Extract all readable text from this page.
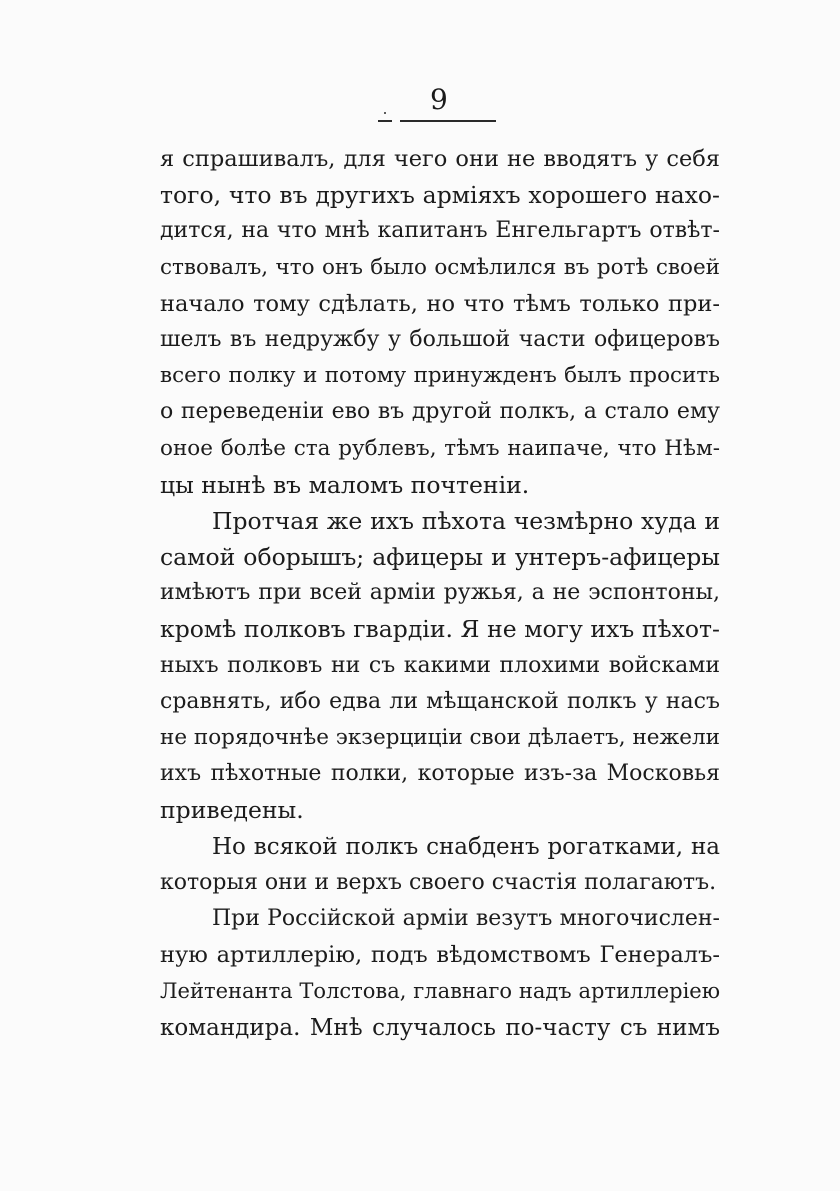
9
я спрашивалъ, для чего они не вводятъ у себя
того, что въ другихъ арміяхъ хорошего нахо-
дится, на что мнѣ капитанъ Енгельгартъ отвѣт-
ствовалъ, что онъ было осмѣлился въ ротѣ своей
начало тому сдѣлать, но что тѣмъ только при-
шелъ въ недружбу у большой части офицеровъ
всего полку и потому принужденъ былъ просить
о переведеніи ево въ другой полкъ, а стало ему
оное болѣе ста рублевъ, тѣмъ наипаче, что Нѣм-
цы нынѣ въ маломъ почтеніи.
Протчая же ихъ пѣхота чезмѣрно худа и
самой оборышъ; афицеры и унтеръ-афицеры
имѣютъ при всей арміи ружья, а не эспонтоны,
кромѣ полковъ гвардіи. Я не могу ихъ пѣхот-
ныхъ полковъ ни съ какими плохими войсками
сравнять, ибо едва ли мѣщанской полкъ у насъ
не порядочнѣе экзерциціи свои дѣлаетъ, нежели
ихъ пѣхотные полки, которые изъ-за Московья
приведены.
Но всякой полкъ снабденъ рогатками, на
которыя они и верхъ своего счастія полагаютъ.
При Россійской арміи везутъ многочислен-
ную артиллерію, подъ вѣдомствомъ Генералъ-
Лейтенанта Толстова, главнаго надъ артиллеріею
командира. Мнѣ случалось по-часту съ нимъ
